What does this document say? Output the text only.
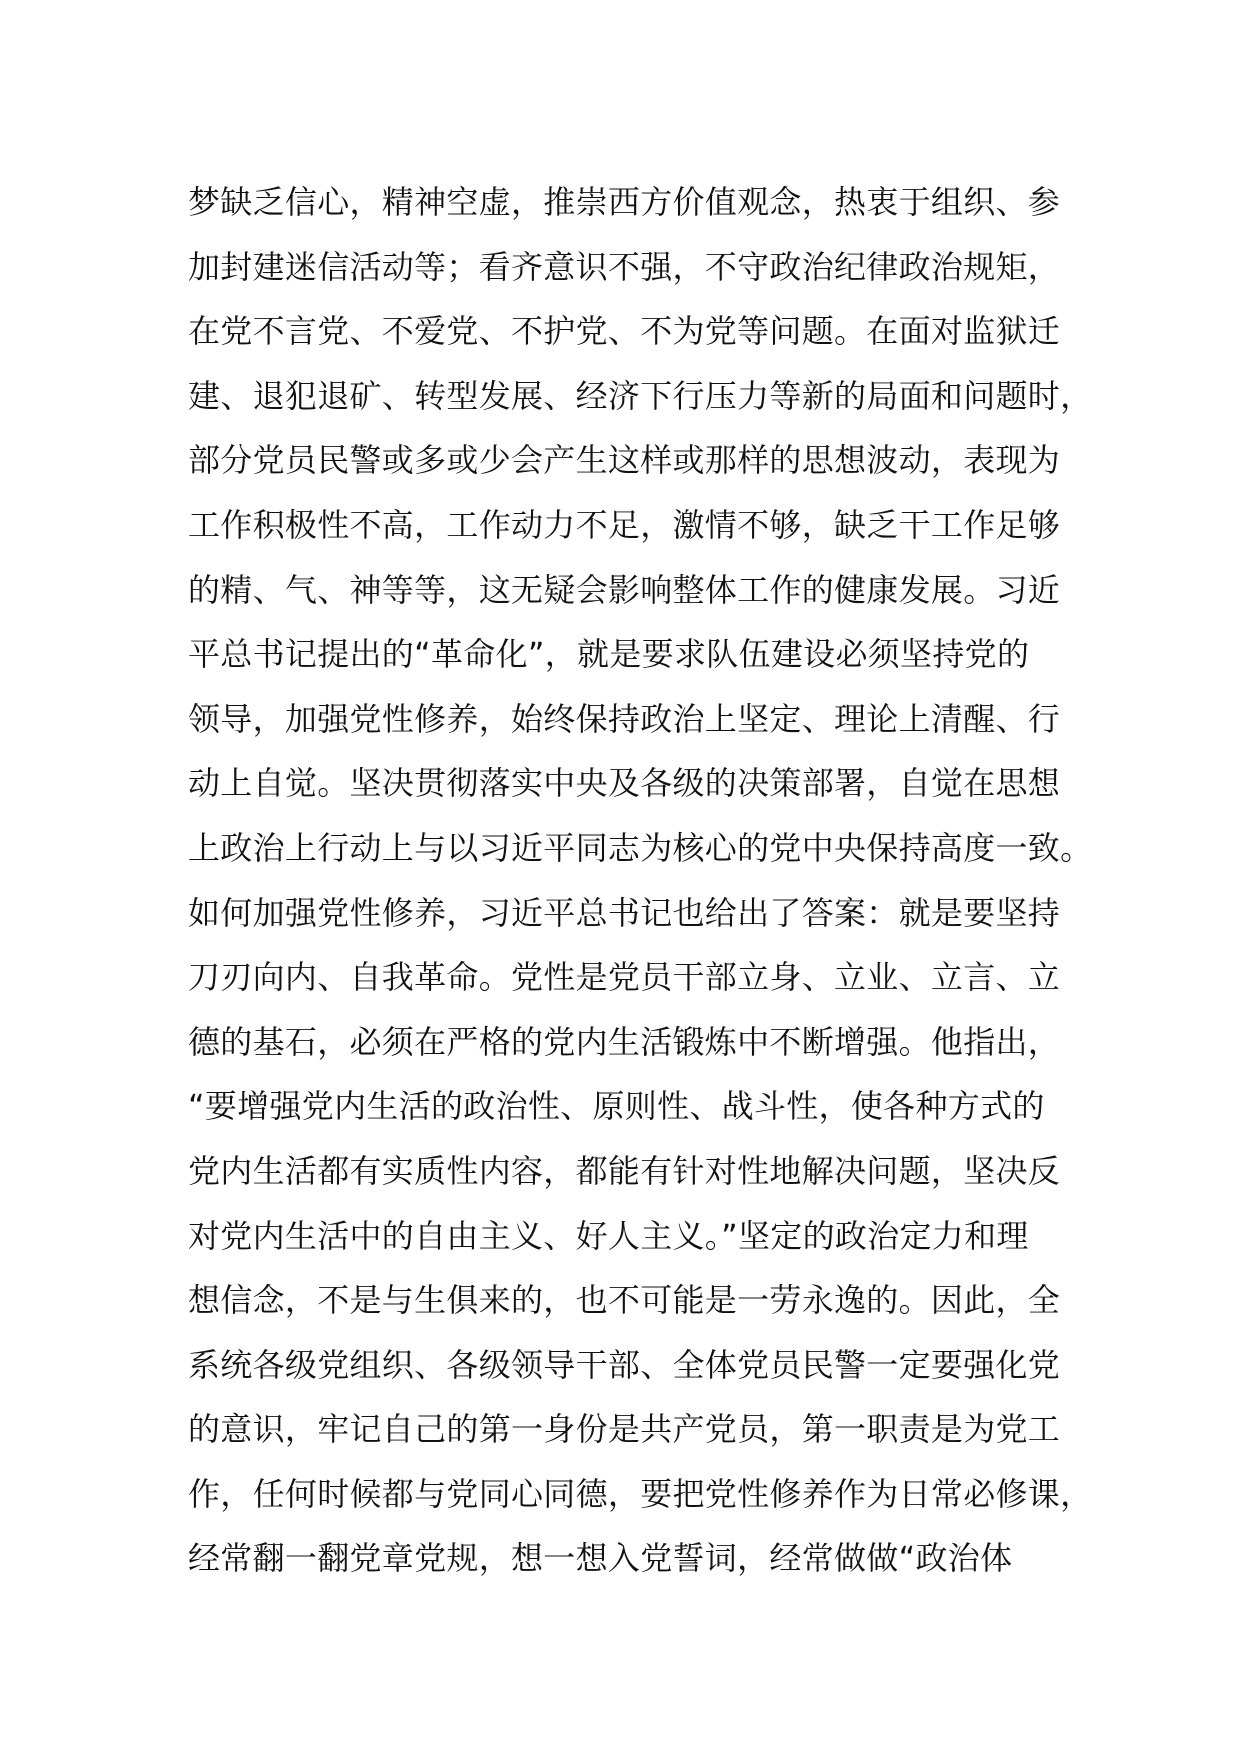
梦缺乏信心，精神空虚，推崇西方价值观念，热衷于组织、参
加封建迷信活动等；看齐意识不强，不守政治纪律政治规矩，
在党不言党、不爱党、不护党、不为党等问题。在面对监狱迁
建、退犯退矿、转型发展、经济下行压力等新的局面和问题时，
部分党员民警或多或少会产生这样或那样的思想波动，表现为
工作积极性不高，工作动力不足，激情不够，缺乏干工作足够
的精、气、神等等，这无疑会影响整体工作的健康发展。习近
平总书记提出的“革命化”，就是要求队伍建设必须坚持党的
领导，加强党性修养，始终保持政治上坚定、理论上清醒、行
动上自觉。坚决贯彻落实中央及各级的决策部署，自觉在思想
上政治上行动上与以习近平同志为核心的党中央保持高度一致。
如何加强党性修养，习近平总书记也给出了答案：就是要坚持
刀刃向内、自我革命。党性是党员干部立身、立业、立言、立
德的基石，必须在严格的党内生活锻炼中不断增强。他指出，
“要增强党内生活的政治性、原则性、战斗性，使各种方式的
党内生活都有实质性内容，都能有针对性地解决问题，坚决反
对党内生活中的自由主义、好人主义。”坚定的政治定力和理
想信念，不是与生俱来的，也不可能是一劳永逸的。因此，全
系统各级党组织、各级领导干部、全体党员民警一定要强化党
的意识，牢记自己的第一身份是共产党员，第一职责是为党工
作，任何时候都与党同心同德，要把党性修养作为日常必修课，
经常翻一翻党章党规，想一想入党誓词，经常做做“政治体
